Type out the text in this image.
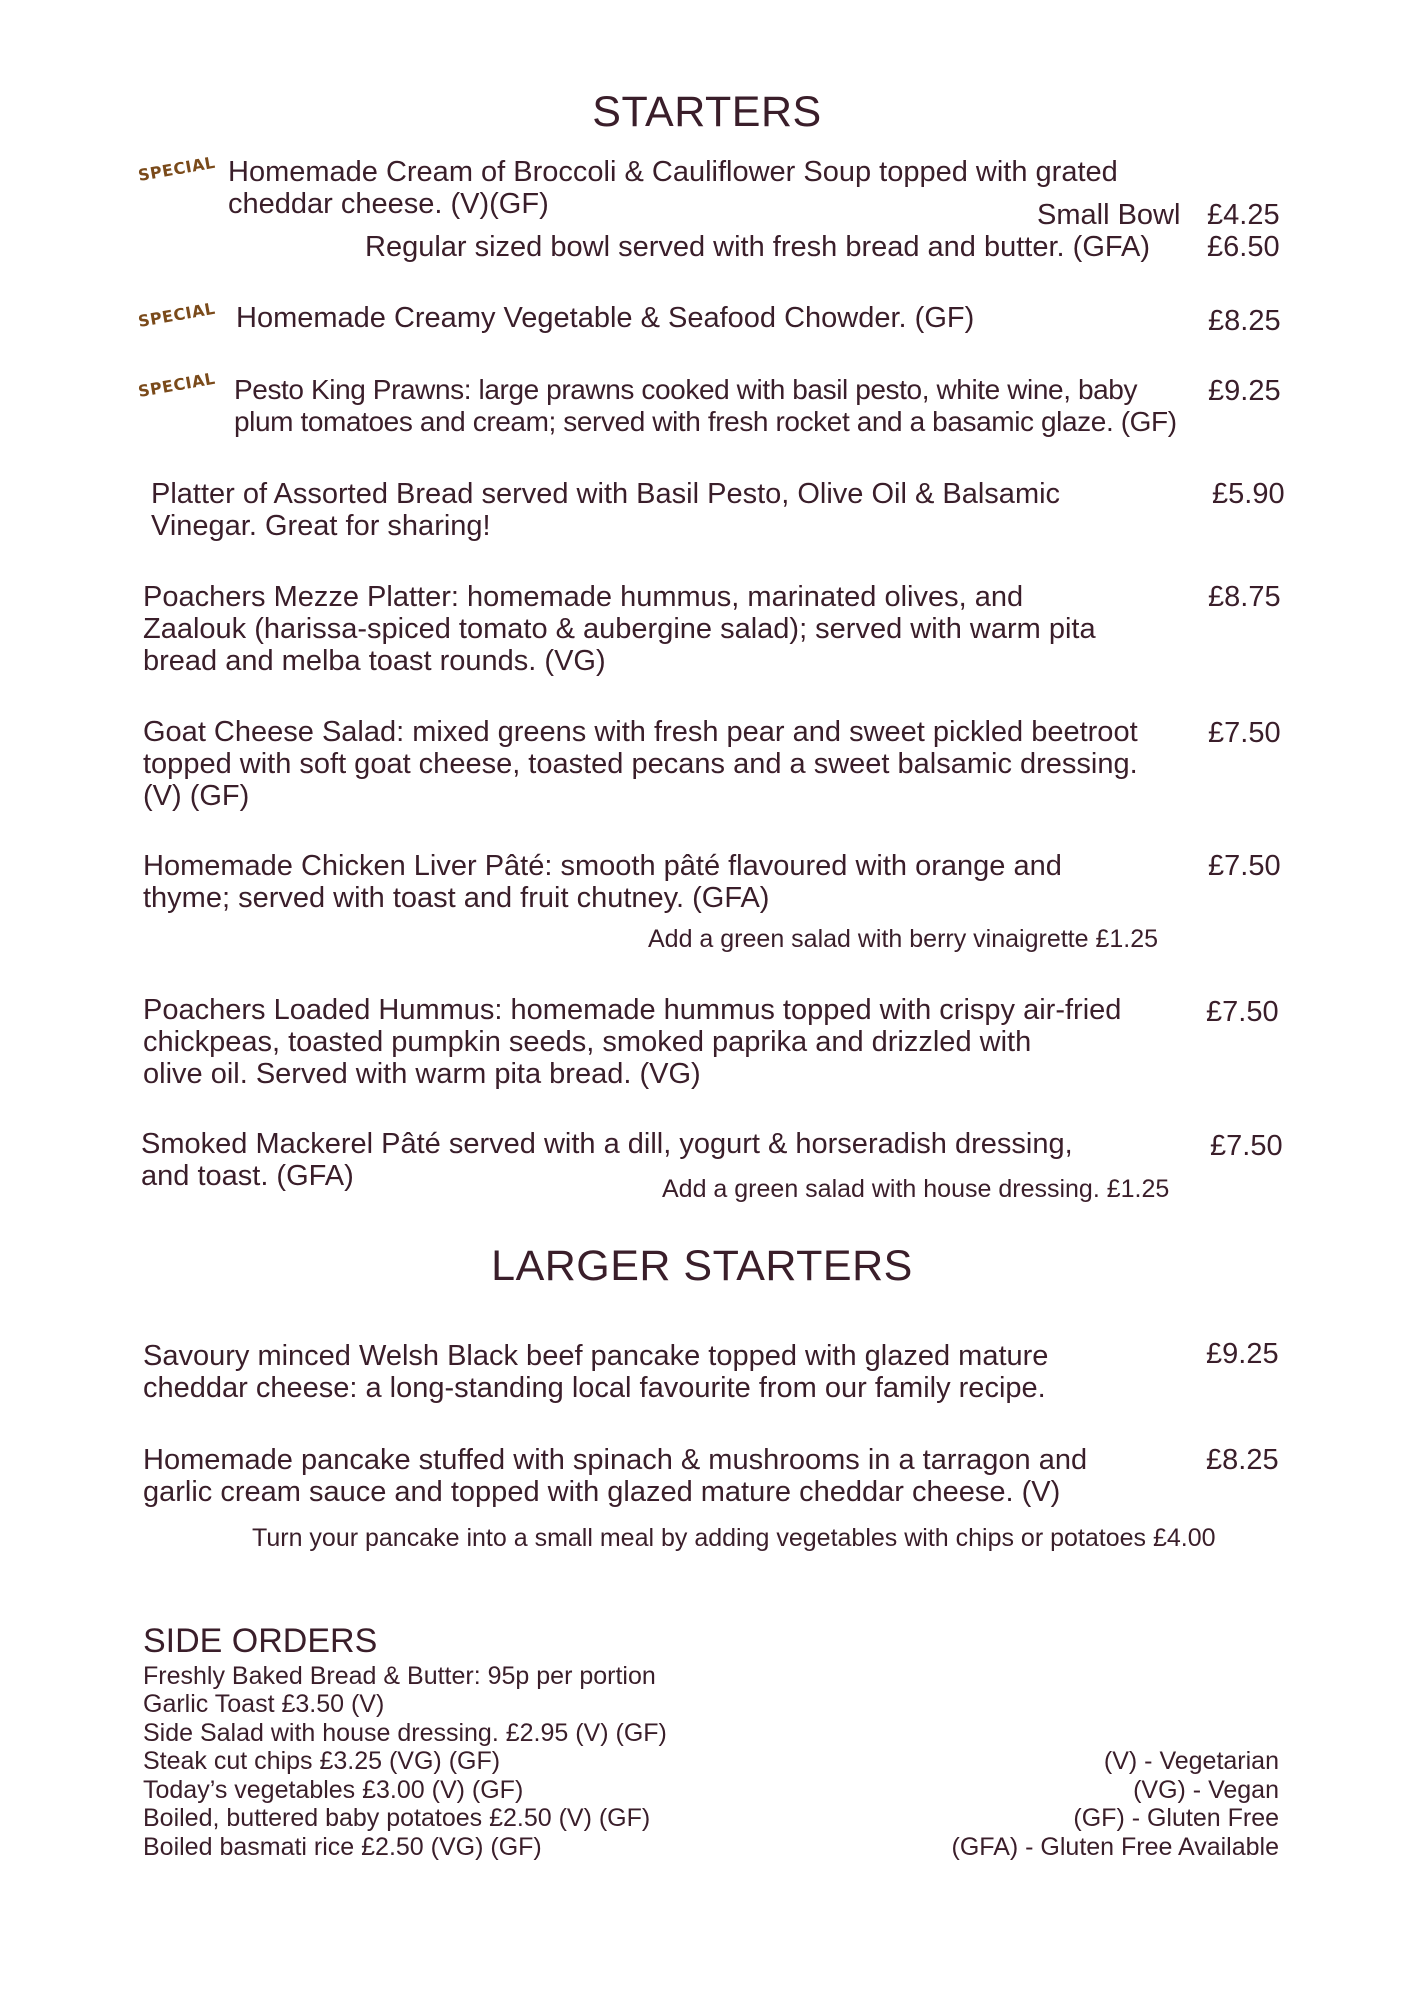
STARTERS
SPECIAL Homemade Cream of Broccoli & Cauliflower Soup topped with grated
cheddar cheese. (V)(GF)	Small Bowl £4.25
Regular sized bowl served with fresh bread and butter. (GFA) £6.50
SPECIAL Homemade Creamy Vegetable & Seafood Chowder. (GF)	£8.25
SPECIAL Pesto King Prawns: large prawns cooked with basil pesto, white wine, baby
plum tomatoes and cream; served with fresh rocket and a basamic glaze. (GF)
£9.25
Platter of Assorted Bread served with Basil Pesto, Olive Oil & Balsamic
Vinegar. Great for sharing!
£5.90
Poachers Mezze Platter: homemade hummus, marinated olives, and
Zaalouk (harissa-spiced tomato & aubergine salad); served with warm pita
bread and melba toast rounds. (VG)
£8.75
Goat Cheese Salad: mixed greens with fresh pear and sweet pickled beetroot
topped with soft goat cheese, toasted pecans and a sweet balsamic dressing.
(V) (GF)
£7.50
Homemade Chicken Liver Pâté: smooth pâté flavoured with orange and
thyme; served with toast and fruit chutney. (GFA)
£7.50
Add a green salad with berry vinaigrette £1.25
Poachers Loaded Hummus: homemade hummus topped with crispy air-fried
chickpeas, toasted pumpkin seeds, smoked paprika and drizzled with
olive oil. Served with warm pita bread. (VG)
£7.50
Smoked Mackerel Pâté served with a dill, yogurt & horseradish dressing,
and toast. (GFA)
£7.50
Add a green salad with house dressing. £1.25
LARGER STARTERS
Savoury minced Welsh Black beef pancake topped with glazed mature
cheddar cheese: a long-standing local favourite from our family recipe.
£9.25
Homemade pancake stuffed with spinach & mushrooms in a tarragon and
garlic cream sauce and topped with glazed mature cheddar cheese. (V)
£8.25
Turn your pancake into a small meal by adding vegetables with chips or potatoes £4.00
SIDE ORDERS
Freshly Baked Bread & Butter: 95p per portion
Garlic Toast £3.50 (V)
Side Salad with house dressing. £2.95 (V) (GF)
Steak cut chips £3.25 (VG) (GF)
Today’s vegetables £3.00 (V) (GF)
Boiled, buttered baby potatoes £2.50 (V) (GF)
Boiled basmati rice £2.50 (VG) (GF)
(V) - Vegetarian
(VG) - Vegan
(GF) - Gluten Free
(GFA) - Gluten Free Available
